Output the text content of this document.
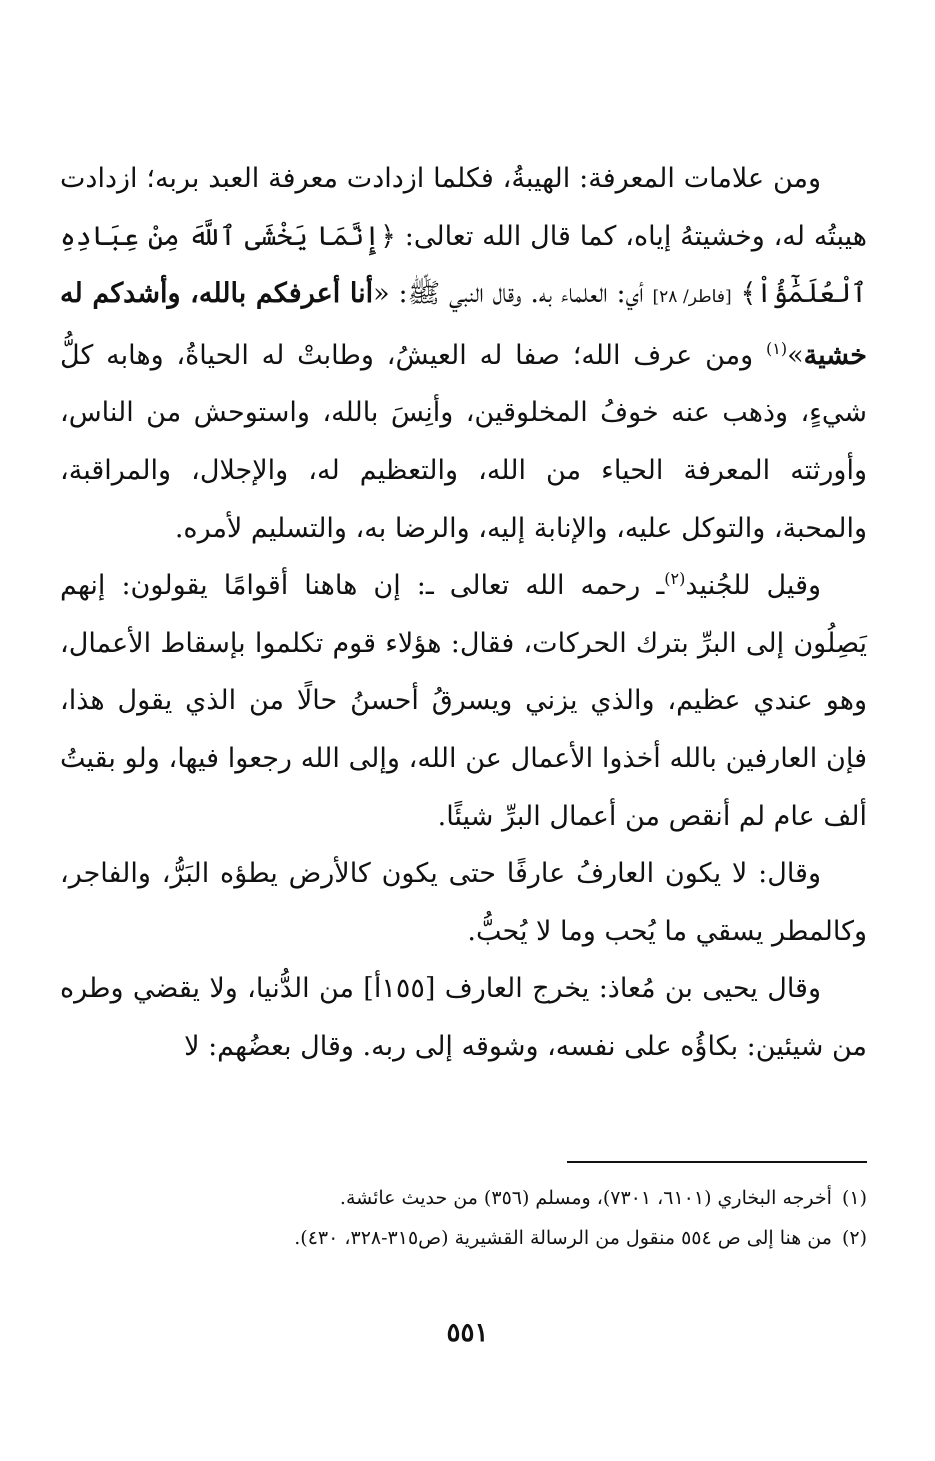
ومن علامات المعرفة: الهيبةُ، فكلما ازدادت معرفة العبد بربه؛ ازدادت هيبتُه له، وخشيتهُ إياه، كما قال الله تعالى: ﴿إِنَّمَا يَخْشَى ٱللَّهَ مِنْ عِبَادِهِ ٱلْعُلَمَٰٓؤُاْ﴾ [فاطر/ ٢٨] أي: العلماء به. وقال النبي ﷺ: «أنا أعرفكم بالله، وأشدكم له خشية»$^{(١)}$ ومن عرف الله؛ صفا له العيشُ، وطابتْ له الحياةُ، وهابه كلُّ شيءٍ، وذهب عنه خوفُ المخلوقين، وأنِسَ بالله، واستوحش من الناس، وأورثته المعرفة الحياء من الله، والتعظيم له، والإجلال، والمراقبة، والمحبة، والتوكل عليه، والإنابة إليه، والرضا به، والتسليم لأمره.

وقيل للجُنيد$^{(٢)}$ـ رحمه الله تعالى ـ: إن هاهنا أقوامًا يقولون: إنهم يَصِلُون إلى البرِّ بترك الحركات، فقال: هؤلاء قوم تكلموا بإسقاط الأعمال، وهو عندي عظيم، والذي يزني ويسرقُ أحسنُ حالًا من الذي يقول هذا، فإن العارفين بالله أخذوا الأعمال عن الله، وإلى الله رجعوا فيها، ولو بقيتُ ألف عام لم أنقص من أعمال البرِّ شيئًا.

وقال: لا يكون العارفُ عارفًا حتى يكون كالأرض يطؤه البَرُّ، والفاجر، وكالمطر يسقي ما يُحب وما لا يُحبُّ.

وقال يحيى بن مُعاذ: يخرج العارف [١٥٥أ] من الدُّنيا، ولا يقضي وطره من شيئين: بكاؤُه على نفسه، وشوقه إلى ربه. وقال بعضُهم: لا

(١)أخرجه البخاري (٦١٠١، ٧٣٠١)، ومسلم (٣٥٦) من حديث عائشة.
(٢)من هنا إلى ص ٥٥٤ منقول من الرسالة القشيرية (ص٣١٥-٣٢٨، ٤٣٠).
٥٥١
